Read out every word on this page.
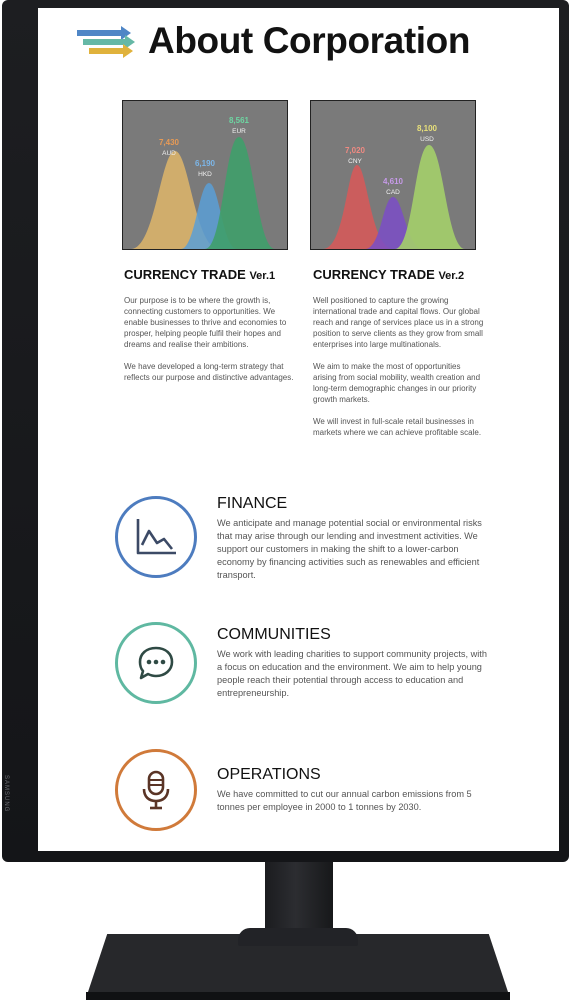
SAMSUNG
About Corporation
7,430
AUD
6,190
HKD
8,561
EUR
7,020
CNY
4,610
CAD
8,100
USD
CURRENCY TRADE Ver.1

Our purpose is to be where the growth is, connecting customers to opportunities. We enable businesses to thrive and economies to prosper, helping people fulfil their hopes and dreams and realise their ambitions.

We have developed a long-term strategy that reflects our purpose and distinctive advantages.

CURRENCY TRADE Ver.2

Well positioned to capture the growing international trade and capital flows. Our global reach and range of services place us in a strong position to serve clients as they grow from small enterprises into large multinationals.

We aim to make the most of opportunities arising from social mobility, wealth creation and long-term demographic changes in our priority growth markets.

We will invest in full-scale retail businesses in markets where we can achieve profitable scale.

FINANCE
We anticipate and manage potential social or environmental risks that may arise through our lending and investment activities. We support our customers in making the shift to a lower-carbon economy by financing activities such as renewables and efficient transport.
COMMUNITIES
We work with leading charities to support community projects, with a focus on education and the environment. We aim to help young people reach their potential through access to education and entrepreneurship.
OPERATIONS
We have committed to cut our annual carbon emissions from 5 tonnes per employee in 2000 to 1 tonnes by 2030.
